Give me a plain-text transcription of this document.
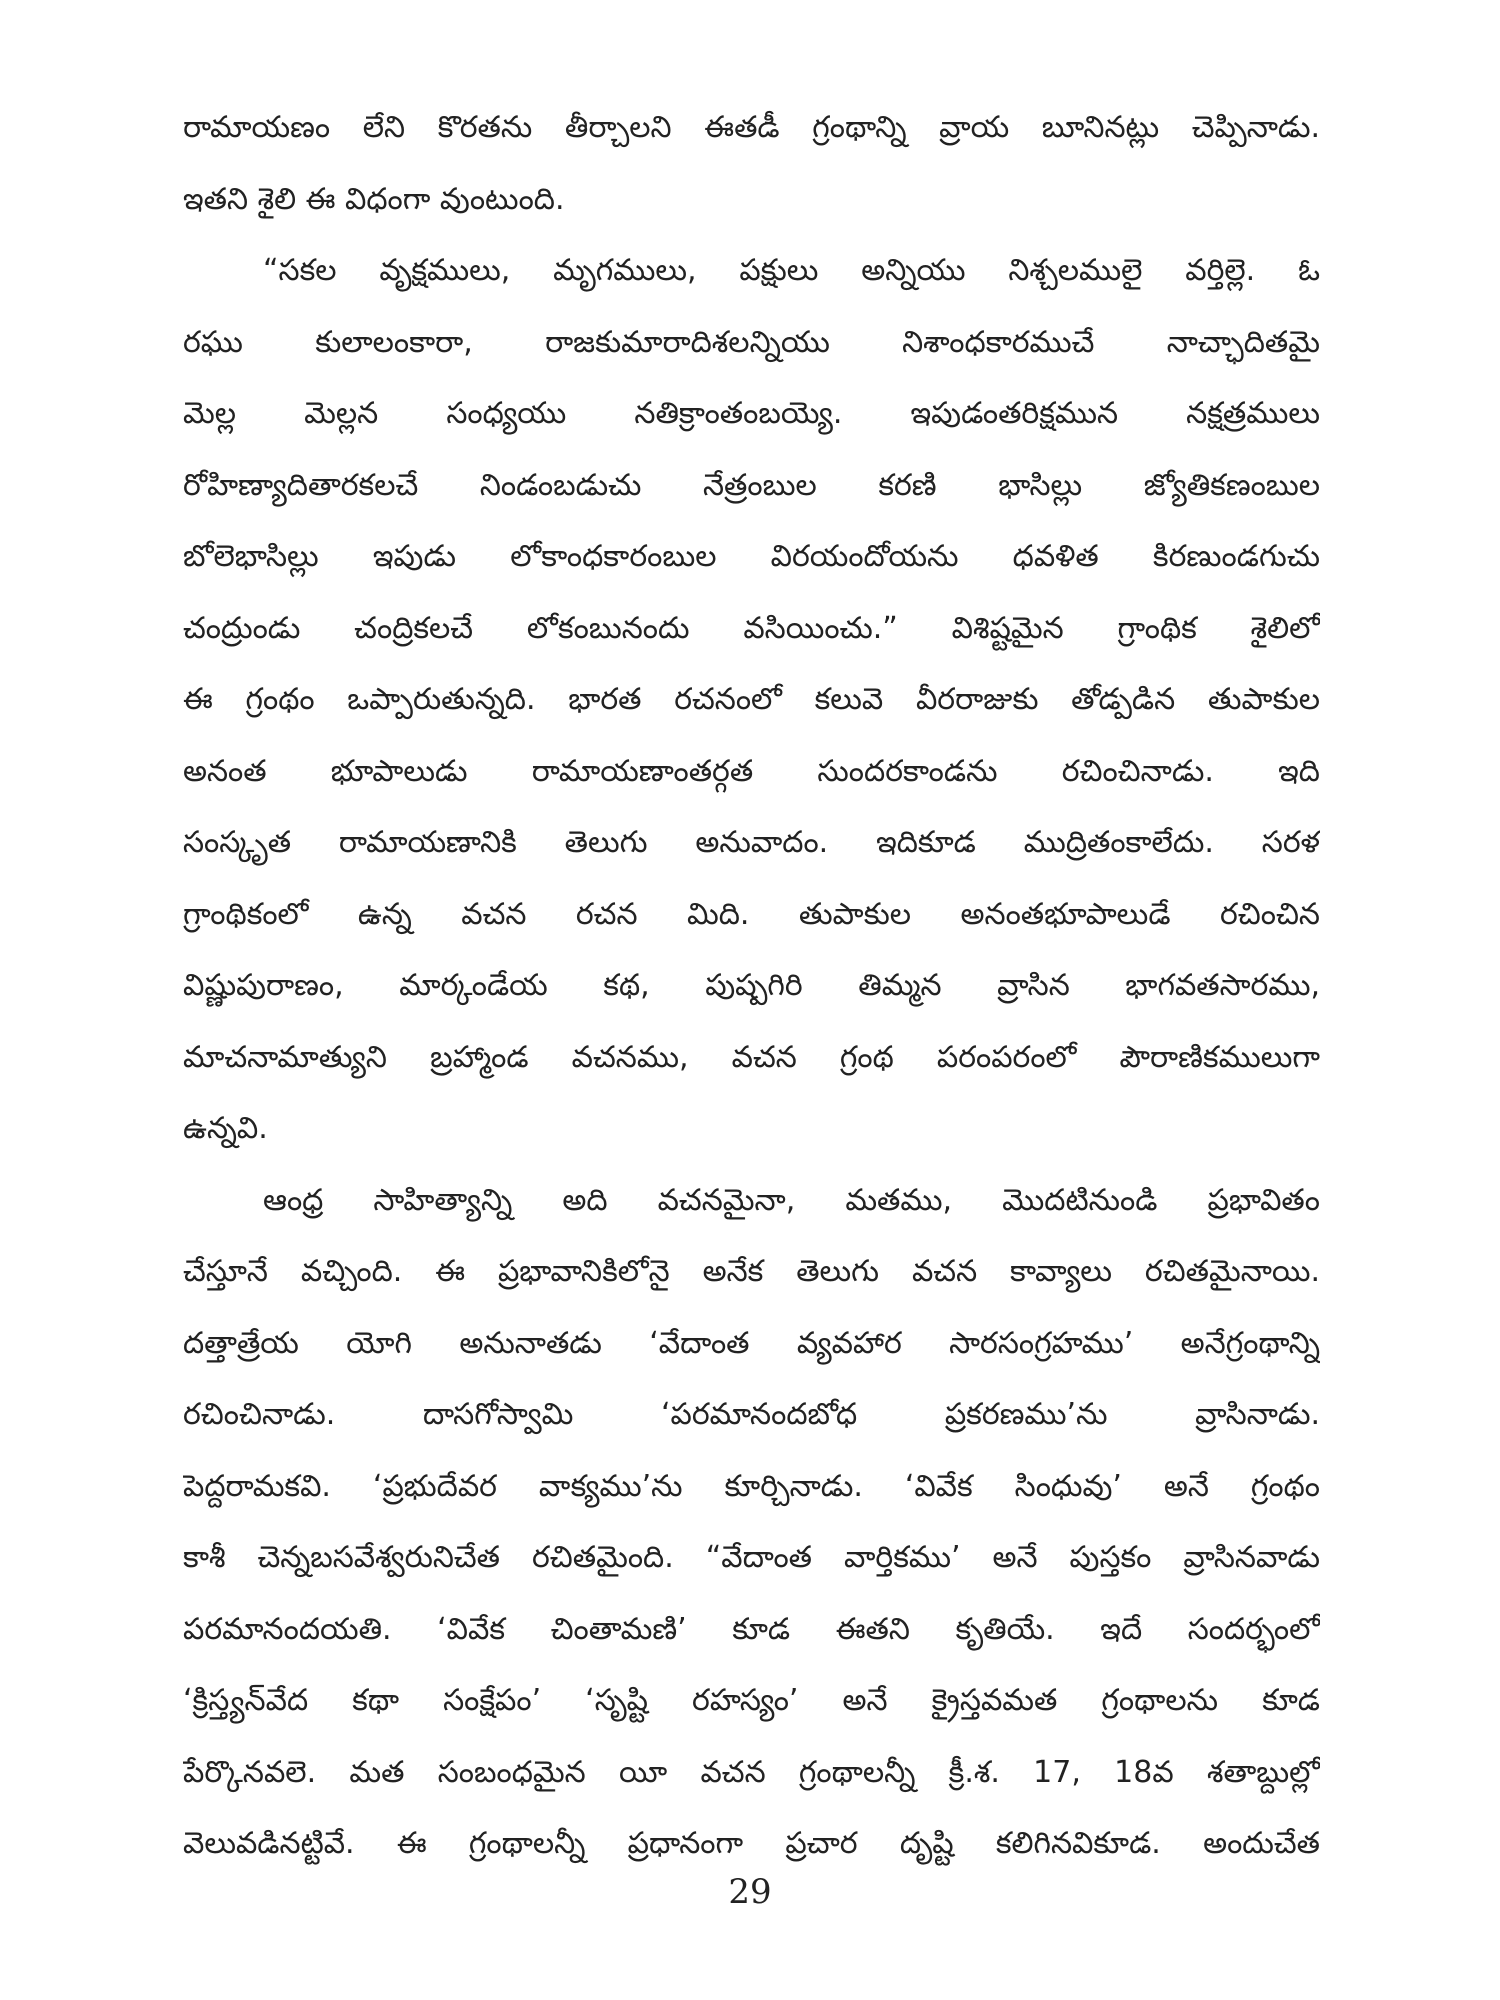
రామాయణం లేని కొరతను తీర్చాలని ఈతడీ గ్రంథాన్ని వ్రాయ బూనినట్లు చెప్పినాడు.
ఇతని శైలి ఈ విధంగా వుంటుంది.
“సకల వృక్షములు, మృగములు, పక్షులు అన్నియు నిశ్చలములై వర్తిల్లె. ఓ
రఘు కులాలంకారా, రాజకుమారాదిశలన్నియు నిశాంధకారముచే నాచ్ఛాదితమై
మెల్ల మెల్లన సంధ్యయు నతిక్రాంతంబయ్యె. ఇపుడంతరిక్షమున నక్షత్రములు
రోహిణ్యాదితారకలచే నిండంబడుచు నేత్రంబుల కరణి భాసిల్లు జ్యోతికణంబుల
బోలెభాసిల్లు ఇపుడు లోకాంధకారంబుల విరయందోయను ధవళిత కిరణుండగుచు
చంద్రుండు చంద్రికలచే లోకంబునందు వసియించు.” విశిష్టమైన గ్రాంథిక శైలిలో
ఈ గ్రంథం ఒప్పారుతున్నది. భారత రచనంలో కలువె వీరరాజుకు తోడ్పడిన తుపాకుల
అనంత భూపాలుడు రామాయణాంతర్గత సుందరకాండను రచించినాడు. ఇది
సంస్కృత రామాయణానికి తెలుగు అనువాదం. ఇదికూడ ముద్రితంకాలేదు. సరళ
గ్రాంథికంలో ఉన్న వచన రచన మిది. తుపాకుల అనంతభూపాలుడే రచించిన
విష్ణుపురాణం, మార్కండేయ కథ, పుష్పగిరి తిమ్మన వ్రాసిన భాగవతసారము,
మాచనామాత్యుని బ్రహ్మాండ వచనము, వచన గ్రంథ పరంపరంలో పౌరాణికములుగా
ఉన్నవి.
ఆంధ్ర సాహిత్యాన్ని అది వచనమైనా, మతము, మొదటినుండి ప్రభావితం
చేస్తూనే వచ్చింది. ఈ ప్రభావానికిలోనై అనేక తెలుగు వచన కావ్యాలు రచితమైనాయి.
దత్తాత్రేయ యోగి అనునాతడు ‘వేదాంత వ్యవహార సారసంగ్రహము’ అనేగ్రంథాన్ని
రచించినాడు. దాసగోస్వామి ‘పరమానందబోధ ప్రకరణము’ను వ్రాసినాడు.
పెద్దరామకవి. ‘ప్రభుదేవర వాక్యము’ను కూర్చినాడు. ‘వివేక సింధువు’ అనే గ్రంథం
కాశీ చెన్నబసవేశ్వరునిచేత రచితమైంది. “వేదాంత వార్తికము’ అనే పుస్తకం వ్రాసినవాడు
పరమానందయతి. ‘వివేక చింతామణి’ కూడ ఈతని కృతియే. ఇదే సందర్భంలో
‘క్రిస్త్యన్‌వేద కథా సంక్షేపం’ ‘సృష్టి రహస్యం’ అనే క్రైస్తవమత గ్రంథాలను కూడ
పేర్కొనవలె. మత సంబంధమైన యీ వచన గ్రంథాలన్నీ క్రీ.శ. 17, 18వ శతాబ్దుల్లో
వెలువడినట్టివే. ఈ గ్రంథాలన్నీ ప్రధానంగా ప్రచార దృష్టి కలిగినవికూడ. అందుచేత
29
